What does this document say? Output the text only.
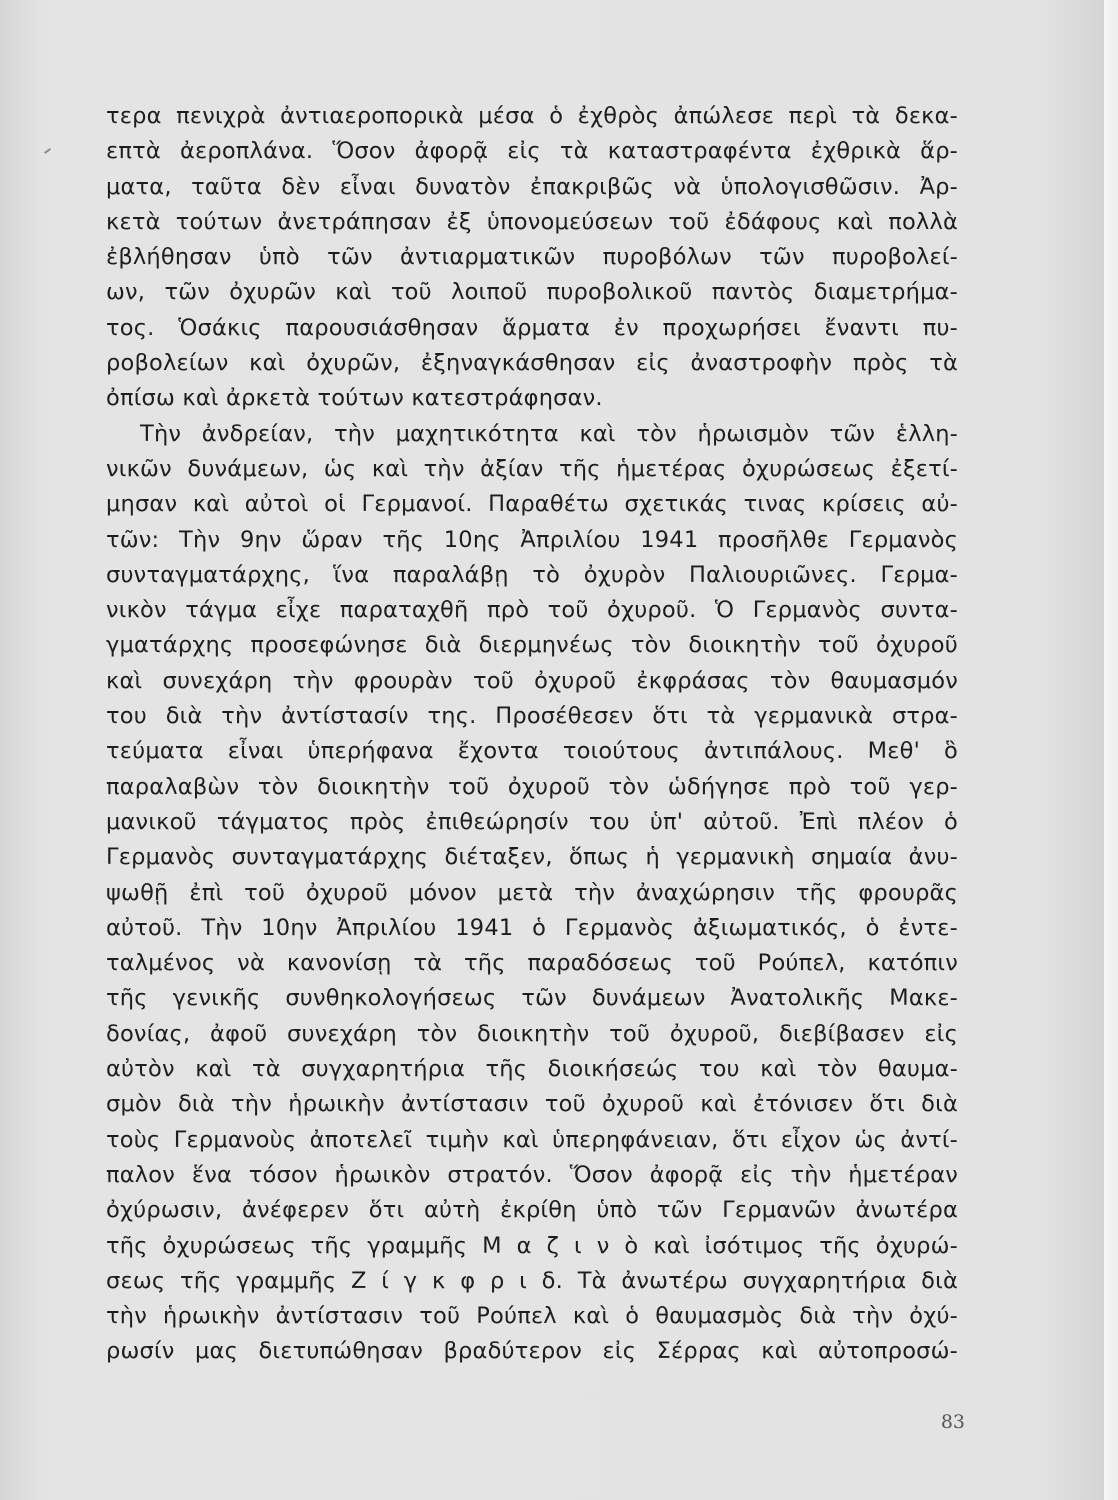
τερα πενιχρὰ ἀντιαεροπορικὰ μέσα ὁ ἐχθρὸς ἀπώλεσε περὶ τὰ δεκα-
επτὰ ἀεροπλάνα. Ὅσον ἀφορᾷ εἰς τὰ καταστραφέντα ἐχθρικὰ ἅρ-
ματα, ταῦτα δὲν εἶναι δυνατὸν ἐπακριβῶς νὰ ὑπολογισθῶσιν. Ἀρ-
κετὰ τούτων ἀνετράπησαν ἐξ ὑπονομεύσεων τοῦ ἐδάφους καὶ πολλὰ
ἐβλήθησαν ὑπὸ τῶν ἀντιαρματικῶν πυροβόλων τῶν πυροβολεί-
ων, τῶν ὀχυρῶν καὶ τοῦ λοιποῦ πυροβολικοῦ παντὸς διαμετρήμα-
τος. Ὁσάκις παρουσιάσθησαν ἅρματα ἐν προχωρήσει ἔναντι πυ-
ροβολείων καὶ ὀχυρῶν, ἐξηναγκάσθησαν εἰς ἀναστροφὴν πρὸς τὰ
ὀπίσω καὶ ἀρκετὰ τούτων κατεστράφησαν.
Τὴν ἀνδρείαν, τὴν μαχητικότητα καὶ τὸν ἡρωισμὸν τῶν ἑλλη-
νικῶν δυνάμεων, ὡς καὶ τὴν ἀξίαν τῆς ἡμετέρας ὀχυρώσεως ἐξετί-
μησαν καὶ αὐτοὶ οἱ Γερμανοί. Παραθέτω σχετικάς τινας κρίσεις αὐ-
τῶν: Τὴν 9ην ὥραν τῆς 10ης Ἀπριλίου 1941 προσῆλθε Γερμανὸς
συνταγματάρχης, ἵνα παραλάβῃ τὸ ὀχυρὸν Παλιουριῶνες. Γερμα-
νικὸν τάγμα εἶχε παραταχθῆ πρὸ τοῦ ὀχυροῦ. Ὁ Γερμανὸς συντα-
γματάρχης προσεφώνησε διὰ διερμηνέως τὸν διοικητὴν τοῦ ὀχυροῦ
καὶ συνεχάρη τὴν φρουρὰν τοῦ ὀχυροῦ ἐκφράσας τὸν θαυμασμόν
του διὰ τὴν ἀντίστασίν της. Προσέθεσεν ὅτι τὰ γερμανικὰ στρα-
τεύματα εἶναι ὑπερήφανα ἔχοντα τοιούτους ἀντιπάλους. Μεθ' ὃ
παραλαβὼν τὸν διοικητὴν τοῦ ὀχυροῦ τὸν ὡδήγησε πρὸ τοῦ γερ-
μανικοῦ τάγματος πρὸς ἐπιθεώρησίν του ὑπ' αὐτοῦ. Ἐπὶ πλέον ὁ
Γερμανὸς συνταγματάρχης διέταξεν, ὅπως ἡ γερμανικὴ σημαία ἀνυ-
ψωθῇ ἐπὶ τοῦ ὀχυροῦ μόνον μετὰ τὴν ἀναχώρησιν τῆς φρουρᾶς
αὐτοῦ. Τὴν 10ην Ἀπριλίου 1941 ὁ Γερμανὸς ἀξιωματικός, ὁ ἐντε-
ταλμένος νὰ κανονίσῃ τὰ τῆς παραδόσεως τοῦ Ρούπελ, κατόπιν
τῆς γενικῆς συνθηκολογήσεως τῶν δυνάμεων Ἀνατολικῆς Μακε-
δονίας, ἀφοῦ συνεχάρη τὸν διοικητὴν τοῦ ὀχυροῦ, διεβίβασεν εἰς
αὐτὸν καὶ τὰ συγχαρητήρια τῆς διοικήσεώς του καὶ τὸν θαυμα-
σμὸν διὰ τὴν ἡρωικὴν ἀντίστασιν τοῦ ὀχυροῦ καὶ ἐτόνισεν ὅτι διὰ
τοὺς Γερμανοὺς ἀποτελεῖ τιμὴν καὶ ὑπερηφάνειαν, ὅτι εἶχον ὡς ἀντί-
παλον ἕνα τόσον ἡρωικὸν στρατόν. Ὅσον ἀφορᾷ εἰς τὴν ἡμετέραν
ὀχύρωσιν, ἀνέφερεν ὅτι αὐτὴ ἐκρίθη ὑπὸ τῶν Γερμανῶν ἀνωτέρα
τῆς ὀχυρώσεως τῆς γραμμῆς Μ α ζ ι ν ὸ καὶ ἰσότιμος τῆς ὀχυρώ-
σεως τῆς γραμμῆς Ζ ί γ κ φ ρ ι δ. Τὰ ἀνωτέρω συγχαρητήρια διὰ
τὴν ἡρωικὴν ἀντίστασιν τοῦ Ρούπελ καὶ ὁ θαυμασμὸς διὰ τὴν ὀχύ-
ρωσίν μας διετυπώθησαν βραδύτερον εἰς Σέρρας καὶ αὐτοπροσώ-
83
